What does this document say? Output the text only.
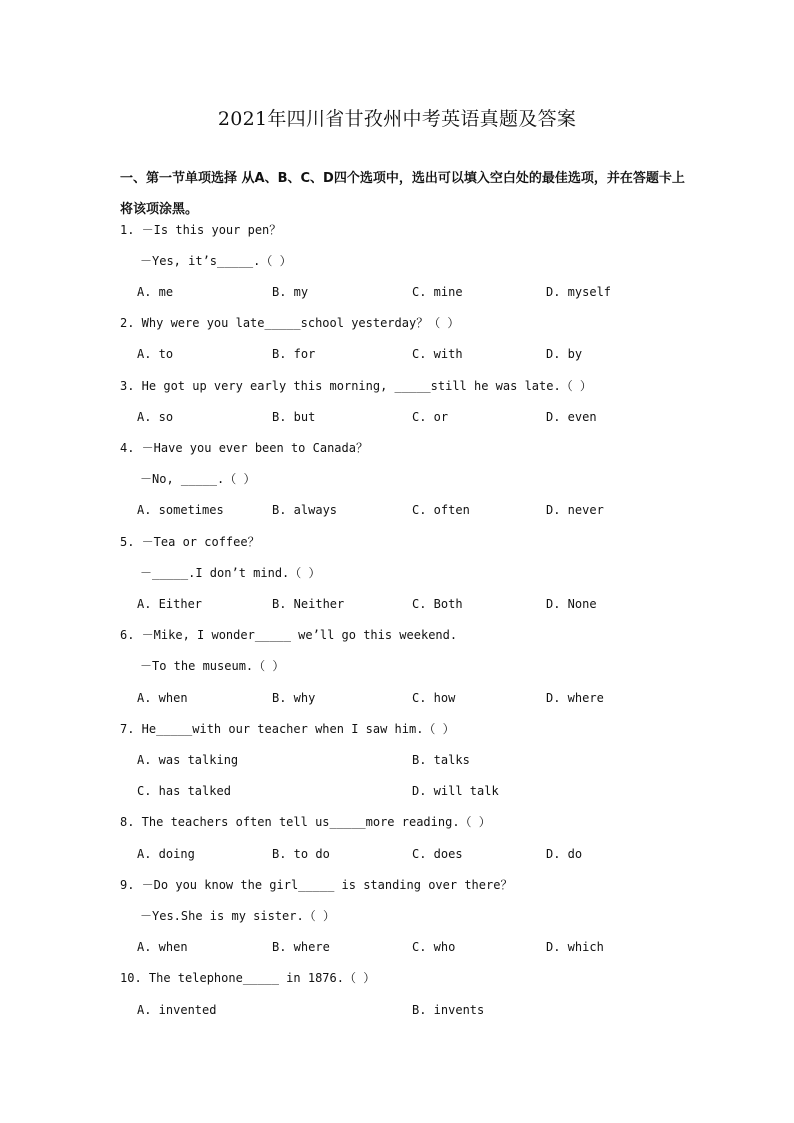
2021年四川省甘孜州中考英语真题及答案
一、第一节单项选择 从A、B、C、D四个选项中，选出可以填入空白处的最佳选项，并在答题卡上将该项涂黑。
1. －Is this your pen？
－Yes, it’s_____.（ ）
A. me	B. my	C. mine	D. myself
2. Why were you late_____school yesterday？（ ）
A. to	B. for	C. with	D. by
3. He got up very early this morning, _____still he was late.（ ）
A. so	B. but	C. or	D. even
4. －Have you ever been to Canada？
－No, _____.（ ）
A. sometimes	B. always	C. often	D. never
5. －Tea or coffee？
－_____.I don’t mind.（ ）
A. Either	B. Neither	C. Both	D. None
6. －Mike, I wonder_____ we’ll go this weekend.
－To the museum.（ ）
A. when	B. why	C. how	D. where
7. He_____with our teacher when I saw him.（ ）
A. was talking	B. talks
C. has talked	D. will talk
8. The teachers often tell us_____more reading.（ ）
A. doing	B. to do	C. does	D. do
9. －Do you know the girl_____ is standing over there？
－Yes.She is my sister.（ ）
A. when	B. where	C. who	D. which
10. The telephone_____ in 1876.（ ）
A. invented	B. invents
